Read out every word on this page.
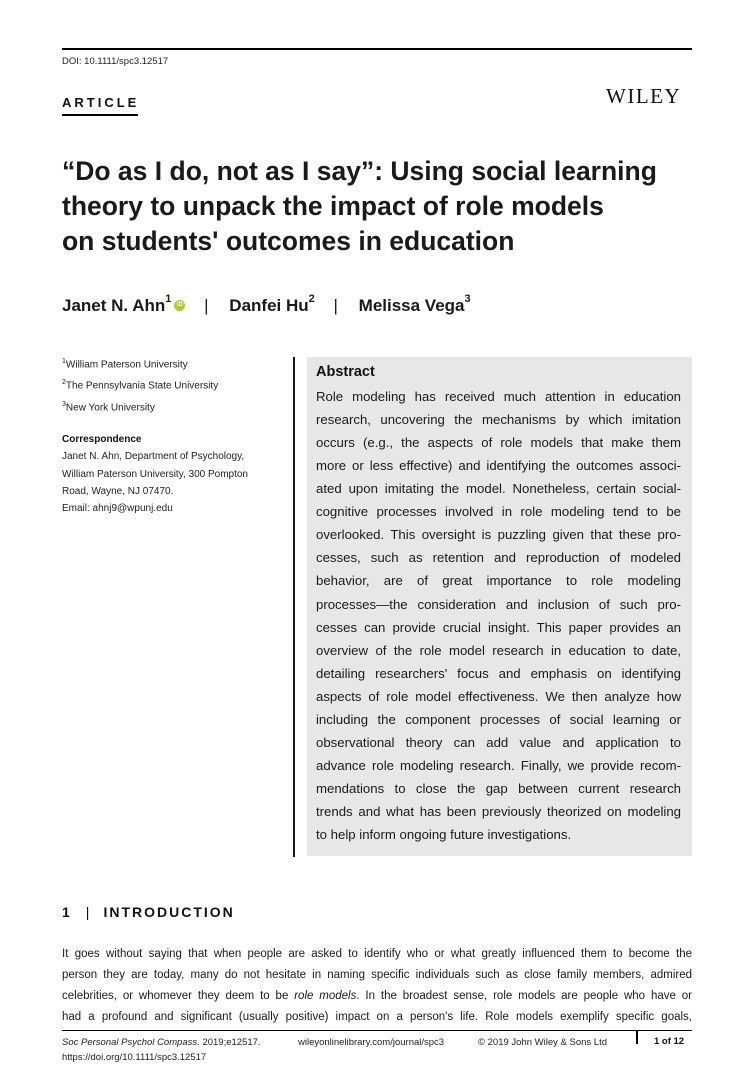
DOI: 10.1111/spc3.12517
ARTICLE	WILEY
“Do as I do, not as I say”: Using social learning
theory to unpack the impact of role models
on students' outcomes in education
Janet N. Ahn$^1$ iD | Danfei Hu$^2$ | Melissa Vega$^3$
$^1$William Paterson University
$^2$The Pennsylvania State University
$^3$New York University
Correspondence
Janet N. Ahn, Department of Psychology,
William Paterson University, 300 Pompton
Road, Wayne, NJ 07470.
Email: ahnj9@wpunj.edu
Abstract
Role modeling has received much attention in education
research, uncovering the mechanisms by which imitation
occurs (e.g., the aspects of role models that make them
more or less effective) and identifying the outcomes associ-
ated upon imitating the model. Nonetheless, certain social-
cognitive processes involved in role modeling tend to be
overlooked. This oversight is puzzling given that these pro-
cesses, such as retention and reproduction of modeled
behavior, are of great importance to role modeling
processes—the consideration and inclusion of such pro-
cesses can provide crucial insight. This paper provides an
overview of the role model research in education to date,
detailing researchers' focus and emphasis on identifying
aspects of role model effectiveness. We then analyze how
including the component processes of social learning or
observational theory can add value and application to
advance role modeling research. Finally, we provide recom-
mendations to close the gap between current research
trends and what has been previously theorized on modeling
to help inform ongoing future investigations.
1 | INTRODUCTION
It goes without saying that when people are asked to identify who or what greatly influenced them to become the
person they are today, many do not hesitate in naming specific individuals such as close family members, admired
celebrities, or whomever they deem to be role models. In the broadest sense, role models are people who have or
had a profound and significant (usually positive) impact on a person's life. Role models exemplify specific goals,
Soc Personal Psychol Compass. 2019;e12517.	wileyonlinelibrary.com/journal/spc3	© 2019 John Wiley & Sons Ltd
https://doi.org/10.1111/spc3.12517
1 of 12
